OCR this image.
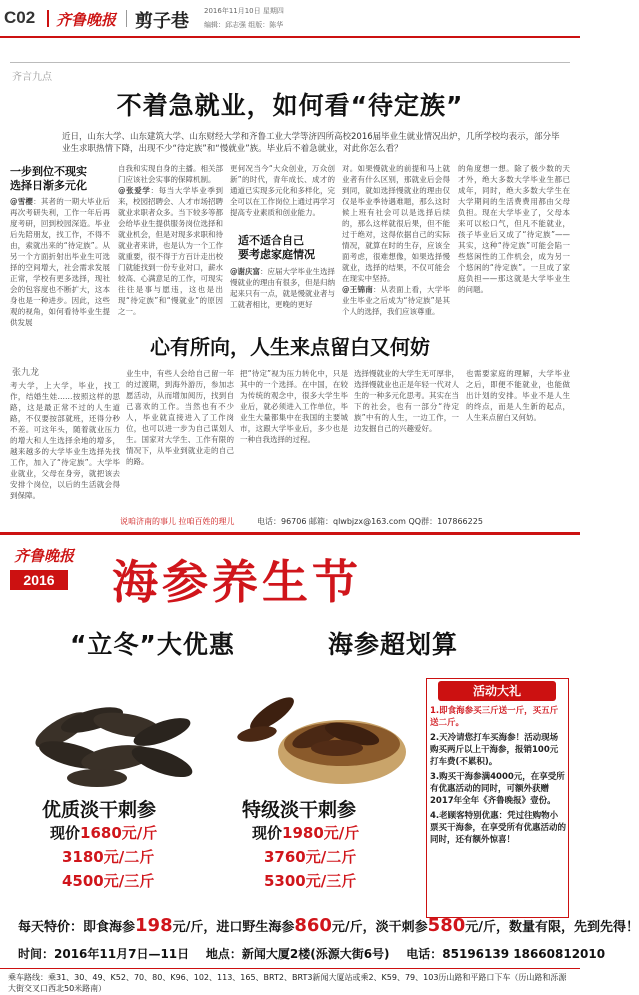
C02 齐鲁晚报 剪子巷 2016年11月10日 星期四
编辑：邱志强 组版：陈华
齐言九点
不着急就业，如何看“待定族”
近日，山东大学、山东建筑大学、山东财经大学和齐鲁工业大学等济四所高校2016届毕业生就业情况出炉，几所学校均表示，部分毕业生求职热情下降，出现不少“待定族”和“慢就业”族。毕业后不着急就业，对此你怎么看？
一步到位不现实
选择日渐多元化
@雪樱：其者的一期大毕业后再次考研失利，工作一年后再度考研，回到校园深造。毕业后先陪朋友，找工作，不得不由，索就出来的“待定族”。从另一个方面折射出毕业生可选择的空间增大，社会需求发展正常，学校有更多选择，现社会的包容度也不断扩大，这本身也是一种进步。因此，这些观的视角，如何看待毕业生提供发展
自我和实现自身的主播。相关部门应该社会实事的保障机制。
@张爱学：每当大学毕业季到来，校园招聘会、人才市场招聘就业求职者众多。当下较多等都会给毕业生提供服务岗位选择和就业机会，但是对现多求职和待就业者来讲，也是认为一个工作就重要，很不得于方百计走出校门就能找到一份专业对口，薪水较高、心满意足的工作，可现实往往是事与愿违，这也是出现“待定族”和“慢就业”的原因之一。
更何况当今“大众创业，万众创新”的时代，青年成长、成才的通道已实现多元化和多样化，完全可以在工作岗位上通过再学习提高专业素质和创业能力。
适不适合自己
要考虑家庭情况
@谢庆富：应届大学毕业生选择慢就业的理由有很多，但是归纳起来只有一点，就是慢就业者与工就者相比，更晚的更好
对。如果慢就业的前提和马上就业者有什么区别，那就业后会得到同，就如选择慢就业的理由仅仅是毕业季待遇难题，那么这时候上班有社会可以是选择后续的，那么这样就很后果，但不能过于绝对，这得依据自己的实际情况，就算在时的生存，应该全面考虑，很难想像，如果选择慢就业，选择的结果，不仅可能会在现实中坚持。
@王锦南：从表面上看，大学毕业生毕业之后成为“待定族”是其个人的选择，我们应该尊重。
的角度想一想。除了极少数的天才外，绝大多数大学毕业生都已成年，同时，绝大多数大学生在大学期间的生活费费用都由父母负担。现在大学毕业了，父母本来可以松口气，但凡不能就业，孩子毕业后又成了“待定族”——其实，这种“待定族”可能会陷一些悠闲性的工作机会，成为另一个悠闲的“待定族”。一旦成了家庭负担——那这就是大学毕业生的问题。
心有所向，人生来点留白又何妨
张九龙
考大学，上大学，毕业，找工作，结婚生娃……按照这样的思路，这是最正常不过的人生道路，不仅要按部就班，还得分秒不差。可这年头，随着就业压力的增大和人生选择余地的增多，越来越多的大学毕业生选择先找工作，加入了“待定族”。大学毕业就业，父母在身旁，就把该去安排个岗位，以后的生活就会得到保障。
业生中，有些人会给自己留一年的过渡期，到海外游历，参加志愿活动，从而增加阅历，找到自己喜欢的工作。当然也有不少人，毕业就直接进入了工作岗位，也可以进一步为自己谋划人生。国家对大学生、工作有限的情况下，从毕业到就业走的自己的路。
把“待定”视为压力转化中，只是其中的一个选择。在中国，在较为传统的观念中，很多大学生毕业后，就必须进入工作单位，毕业生大量都集中在我国的主要城市，这跟大学毕业后，多少也是一种自我选择的过程。
选择慢就业的大学生无可厚非，选择慢就业也正是年轻一代对人生的一种多元化思考。其实在当下的社会，也有一部分“待定族”中有的人生，一边工作，一边发掘自己的兴趣爱好。
也需要家庭的理解，大学毕业之后，即便不能就业，也能做出计划的安排。毕业不是人生的终点，而是人生新的起点，人生来点留白又何妨。
说咱济南的事儿 拉咱百姓的理儿	电话：96706 邮箱：qlwbjzx@163.com QQ群：107866225
齐鲁晚报
2016 海参养生节
“立冬”大优惠	海参超划算
优质淡干刺参
现价1680元/斤
3180元/二斤
4500元/三斤
特级淡干刺参
现价1980元/斤
3760元/二斤
5300元/三斤
活动大礼
1.即食海参买三斤送一斤，买五斤送二斤。
2.天冷请您打车买海参！活动现场购买两斤以上干海参，报销100元打车费(不累积)。
3.购买干海参满4000元，在享受所有优惠活动的同时，可额外获赠2017年全年《齐鲁晚报》壹份。
4.老顾客特别优惠：凭过往购物小票买干海参，在享受所有优惠活动的同时，还有额外惊喜！
每天特价：即食海参198元/斤，进口野生海参860元/斤，淡干刺参580元/斤，数量有限，先到先得！
时间：2016年11月7日—11日 地点：新闻大厦2楼(泺源大街6号) 电话：85196139 18660812010
乘车路线：乘31、30、49、K52、70、80、K96、102、113、165、BRT2、BRT3新闻大厦站或乘2、K59、79、103历山路和平路口下车（历山路和泺源大街交叉口西北50米路南）
